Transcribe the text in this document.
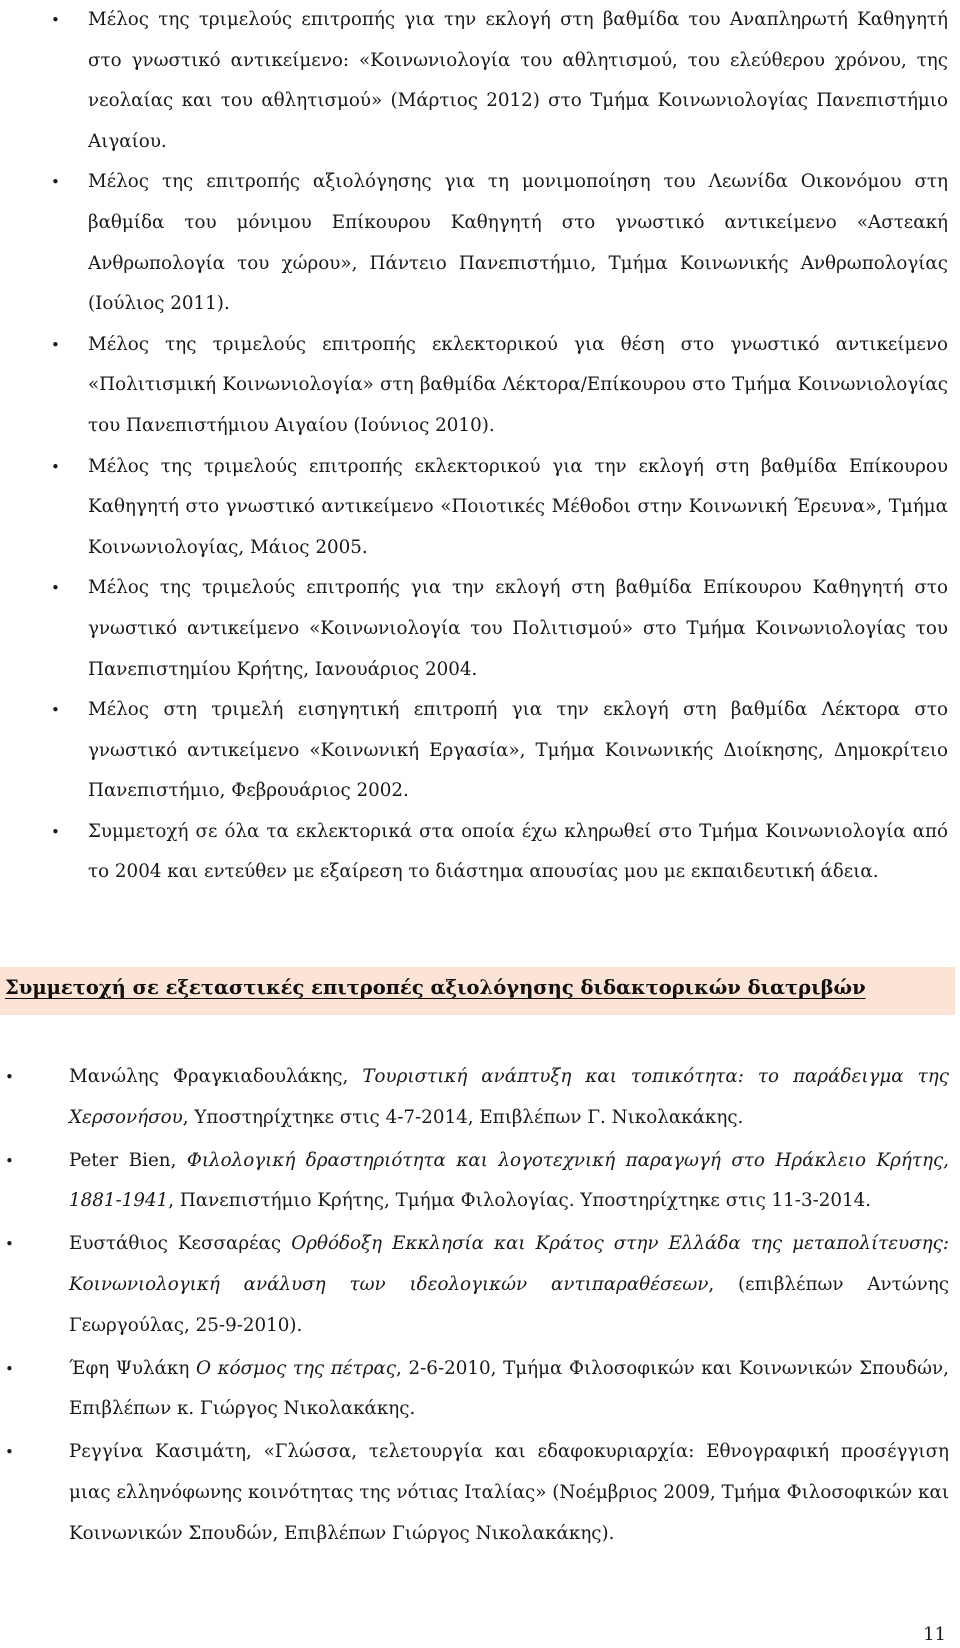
• Μέλος της τριμελούς επιτροπής για την εκλογή στη βαθμίδα του Αναπληρωτή Καθηγητή στο γνωστικό αντικείμενο: «Κοινωνιολογία του αθλητισμού, του ελεύθερου χρόνου, της νεολαίας και του αθλητισμού» (Μάρτιος 2012) στο Τμήμα Κοινωνιολογίας Πανεπιστήμιο Αιγαίου.
• Μέλος της επιτροπής αξιολόγησης για τη μονιμοποίηση του Λεωνίδα Οικονόμου στη βαθμίδα του μόνιμου Επίκουρου Καθηγητή στο γνωστικό αντικείμενο «Αστεακή Ανθρωπολογία του χώρου», Πάντειο Πανεπιστήμιο, Τμήμα Κοινωνικής Ανθρωπολογίας (Ιούλιος 2011).
• Μέλος της τριμελούς επιτροπής εκλεκτορικού για θέση στο γνωστικό αντικείμενο «Πολιτισμική Κοινωνιολογία» στη βαθμίδα Λέκτορα/Επίκουρου στο Τμήμα Κοινωνιολογίας του Πανεπιστήμιου Αιγαίου (Ιούνιος 2010).
• Μέλος της τριμελούς επιτροπής εκλεκτορικού για την εκλογή στη βαθμίδα Επίκουρου Καθηγητή στο γνωστικό αντικείμενο «Ποιοτικές Μέθοδοι στην Κοινωνική Έρευνα», Τμήμα Κοινωνιολογίας, Μάιος 2005.
• Μέλος της τριμελούς επιτροπής για την εκλογή στη βαθμίδα Επίκουρου Καθηγητή στο γνωστικό αντικείμενο «Κοινωνιολογία του Πολιτισμού» στο Τμήμα Κοινωνιολογίας του Πανεπιστημίου Κρήτης, Ιανουάριος 2004.
• Μέλος στη τριμελή εισηγητική επιτροπή για την εκλογή στη βαθμίδα Λέκτορα στο γνωστικό αντικείμενο «Κοινωνική Εργασία», Τμήμα Κοινωνικής Διοίκησης, Δημοκρίτειο Πανεπιστήμιο, Φεβρουάριος 2002.
• Συμμετοχή σε όλα τα εκλεκτορικά στα οποία έχω κληρωθεί στο Τμήμα Κοινωνιολογία από το 2004 και εντεύθεν με εξαίρεση το διάστημα απουσίας μου με εκπαιδευτική άδεια.
Συμμετοχή σε εξεταστικές επιτροπές αξιολόγησης διδακτορικών διατριβών
•	Μανώλης Φραγκιαδουλάκης, Τουριστική ανάπτυξη και τοπικότητα: το παράδειγμα της Χερσονήσου, Υποστηρίχτηκε στις 4-7-2014, Επιβλέπων Γ. Νικολακάκης.
•	Peter Bien, Φιλολογική δραστηριότητα και λογοτεχνική παραγωγή στο Ηράκλειο Κρήτης, 1881-1941, Πανεπιστήμιο Κρήτης, Τμήμα Φιλολογίας. Υποστηρίχτηκε στις 11-3-2014.
•	Ευστάθιος Κεσσαρέας Ορθόδοξη Εκκλησία και Κράτος στην Ελλάδα της μεταπολίτευσης: Κοινωνιολογική ανάλυση των ιδεολογικών αντιπαραθέσεων, (επιβλέπων Αντώνης Γεωργούλας, 25-9-2010).
•	Έφη Ψυλάκη Ο κόσμος της πέτρας, 2-6-2010, Τμήμα Φιλοσοφικών και Κοινωνικών Σπουδών, Επιβλέπων κ. Γιώργος Νικολακάκης.
•	Ρεγγίνα Κασιμάτη, «Γλώσσα, τελετουργία και εδαφοκυριαρχία: Εθνογραφική προσέγγιση μιας ελληνόφωνης κοινότητας της νότιας Ιταλίας» (Νοέμβριος 2009, Τμήμα Φιλοσοφικών και Κοινωνικών Σπουδών, Επιβλέπων Γιώργος Νικολακάκης).
11
